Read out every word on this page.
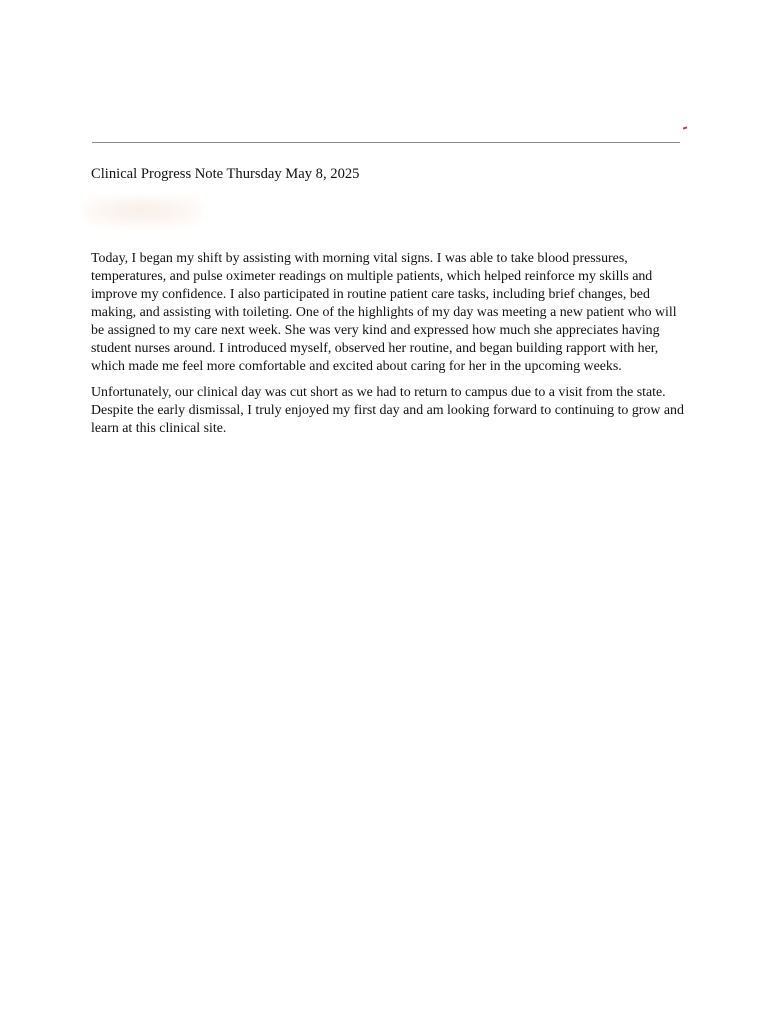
Clinical Progress Note Thursday May 8, 2025

Today, I began my shift by assisting with morning vital signs. I was able to take blood pressures, temperatures, and pulse oximeter readings on multiple patients, which helped reinforce my skills and improve my confidence. I also participated in routine patient care tasks, including brief changes, bed making, and assisting with toileting. One of the highlights of my day was meeting a new patient who will be assigned to my care next week. She was very kind and expressed how much she appreciates having student nurses around. I introduced myself, observed her routine, and began building rapport with her, which made me feel more comfortable and excited about caring for her in the upcoming weeks.

Unfortunately, our clinical day was cut short as we had to return to campus due to a visit from the state. Despite the early dismissal, I truly enjoyed my first day and am looking forward to continuing to grow and learn at this clinical site.
